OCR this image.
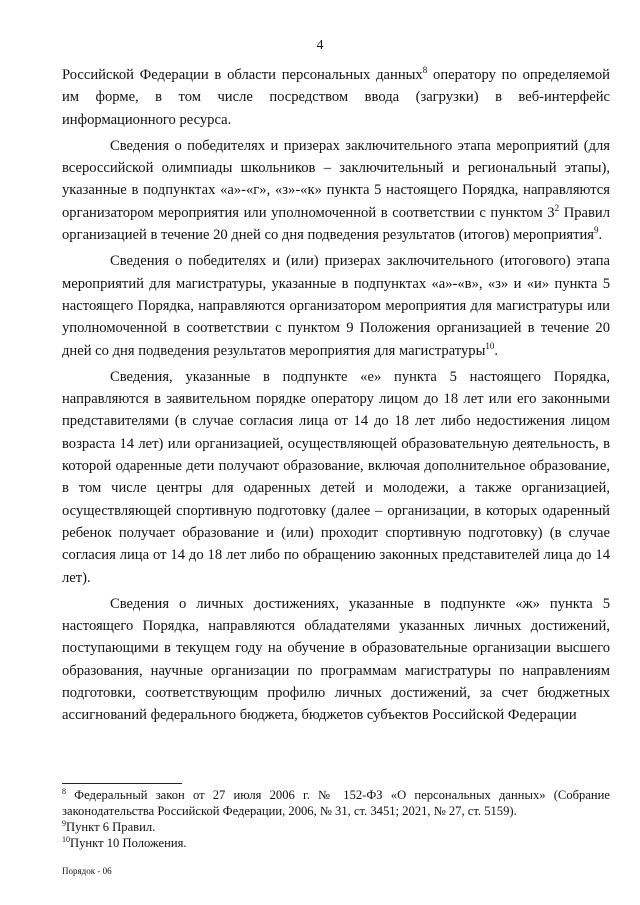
4

Российской Федерации в области персональных данных$^8$ оператору по определяемой им форме, в том числе посредством ввода (загрузки) в веб-интерфейс информационного ресурса.

Сведения о победителях и призерах заключительного этапа мероприятий (для всероссийской олимпиады школьников – заключительный и региональный этапы), указанные в подпунктах «а»-«г», «з»-«к» пункта 5 настоящего Порядка, направляются организатором мероприятия или уполномоченной в соответствии с пунктом $3^2$ Правил организацией в течение 20 дней со дня подведения результатов (итогов) мероприятия$^9$.

Сведения о победителях и (или) призерах заключительного (итогового) этапа мероприятий для магистратуры, указанные в подпунктах «а»-«в», «з» и «и» пункта 5 настоящего Порядка, направляются организатором мероприятия для магистратуры или уполномоченной в соответствии с пунктом 9 Положения организацией в течение 20 дней со дня подведения результатов мероприятия для магистратуры$^{10}$.

Сведения, указанные в подпункте «е» пункта 5 настоящего Порядка, направляются в заявительном порядке оператору лицом до 18 лет или его законными представителями (в случае согласия лица от 14 до 18 лет либо недостижения лицом возраста 14 лет) или организацией, осуществляющей образовательную деятельность, в которой одаренные дети получают образование, включая дополнительное образование, в том числе центры для одаренных детей и молодежи, а также организацией, осуществляющей спортивную подготовку (далее – организации, в которых одаренный ребенок получает образование и (или) проходит спортивную подготовку) (в случае согласия лица от 14 до 18 лет либо по обращению законных представителей лица до 14 лет).

Сведения о личных достижениях, указанные в подпункте «ж» пункта 5 настоящего Порядка, направляются обладателями указанных личных достижений, поступающими в текущем году на обучение в образовательные организации высшего образования, научные организации по программам магистратуры по направлениям подготовки, соответствующим профилю личных достижений, за счет бюджетных ассигнований федерального бюджета, бюджетов субъектов Российской Федерации

$^8$ Федеральный закон от 27 июля 2006 г. № 152-ФЗ «О персональных данных» (Собрание законодательства Российской Федерации, 2006, № 31, ст. 3451; 2021, № 27, ст. 5159).

$^9$Пункт 6 Правил.

$^{10}$Пункт 10 Положения.

Порядок - 06
